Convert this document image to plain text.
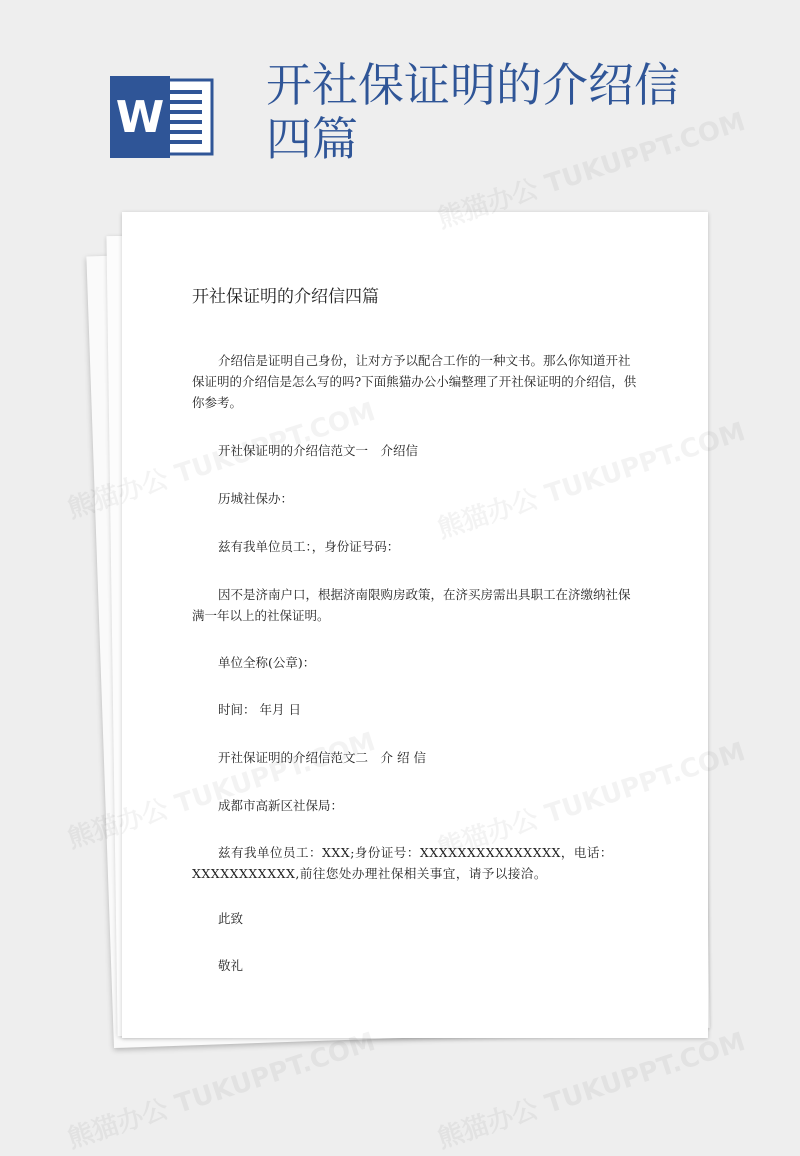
W
开社保证明的介绍信四篇
开社保证明的介绍信四篇
介绍信是证明自己身份，让对方予以配合工作的一种文书。那么你知道开社保证明的介绍信是怎么写的吗?下面熊猫办公小编整理了开社保证明的介绍信，供你参考。
开社保证明的介绍信范文一　介绍信
历城社保办：
兹有我单位员工：，身份证号码：
因不是济南户口，根据济南限购房政策，在济买房需出具职工在济缴纳社保满一年以上的社保证明。
单位全称(公章)：
时间： 年月 日
开社保证明的介绍信范文二　介 绍 信
成都市高新区社保局：
兹有我单位员工：XXX;身份证号：XXXXXXXXXXXXXXX，电话：XXXXXXXXXXX,前往您处办理社保相关事宜，请予以接洽。
此致
敬礼
